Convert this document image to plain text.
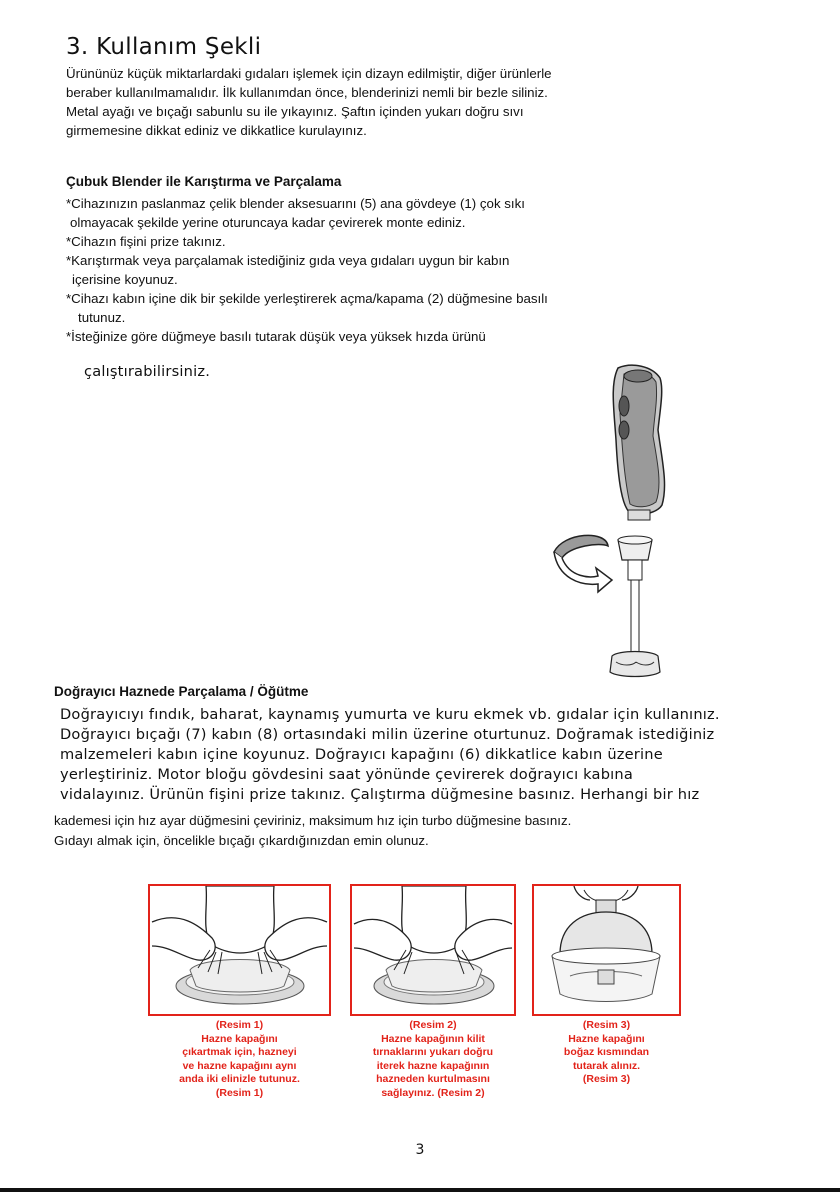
3. Kullanım Şekli
Ürününüz küçük miktarlardaki gıdaları işlemek için dizayn edilmiştir, diğer ürünlerle
beraber kullanılmamalıdır. İlk kullanımdan önce, blenderinizi nemli bir bezle siliniz.
Metal ayağı ve bıçağı sabunlu su ile yıkayınız. Şaftın içinden yukarı doğru sıvı
girmemesine dikkat ediniz ve dikkatlice kurulayınız.
Çubuk Blender ile Karıştırma ve Parçalama
*Cihazınızın paslanmaz çelik blender aksesuarını (5) ana gövdeye (1) çok sıkı
olmayacak şekilde yerine oturuncaya kadar çevirerek monte ediniz.
*Cihazın fişini prize takınız.
*Karıştırmak veya parçalamak istediğiniz gıda veya gıdaları uygun bir kabın
içerisine koyunuz.
*Cihazı kabın içine dik bir şekilde yerleştirerek açma/kapama (2) düğmesine basılı
tutunuz.
*İsteğinize göre düğmeye basılı tutarak düşük veya yüksek hızda ürünü
çalıştırabilirsiniz.
Doğrayıcı Haznede Parçalama / Öğütme
Doğrayıcıyı fındık, baharat, kaynamış yumurta ve kuru ekmek vb. gıdalar için kullanınız.
Doğrayıcı bıçağı (7) kabın (8) ortasındaki milin üzerine oturtunuz. Doğramak istediğiniz
malzemeleri kabın içine koyunuz. Doğrayıcı kapağını (6) dikkatlice kabın üzerine
yerleştiriniz. Motor bloğu gövdesini saat yönünde çevirerek doğrayıcı kabına
vidalayınız. Ürünün fişini prize takınız. Çalıştırma düğmesine basınız. Herhangi bir hız
kademesi için hız ayar düğmesini çeviriniz, maksimum hız için turbo düğmesine basınız.
Gıdayı almak için, öncelikle bıçağı çıkardığınızdan emin olunuz.
(Resim 1)
Hazne kapağını
çıkartmak için, hazneyi
ve hazne kapağını aynı
anda iki elinizle tutunuz.
(Resim 1)
(Resim 2)
Hazne kapağının kilit
tırnaklarını yukarı doğru
iterek hazne kapağının
hazneden kurtulmasını
sağlayınız. (Resim 2)
(Resim 3)
Hazne kapağını
boğaz kısmından
tutarak alınız.
(Resim 3)
3
